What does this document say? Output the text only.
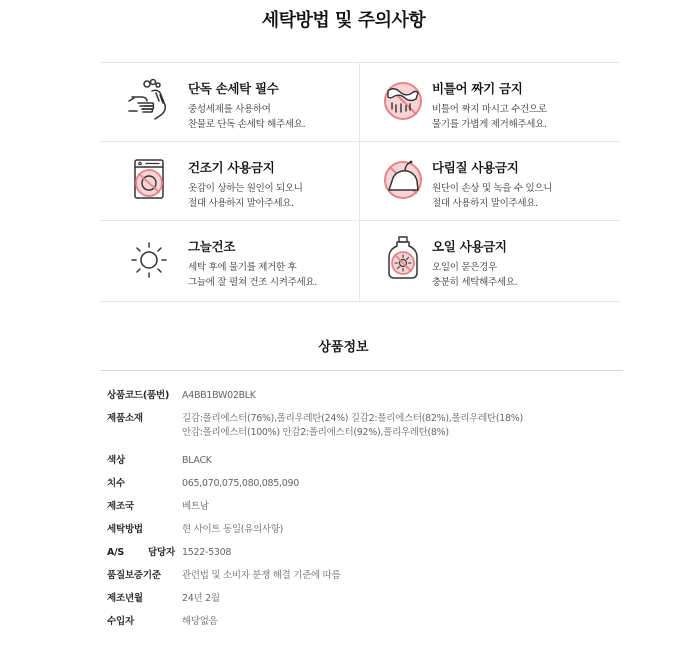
세탁방법 및 주의사항
단독 손세탁 필수
중성세제를 사용하여
찬물로 단독 손세탁 해주세요.
비틀어 짜기 금지
비틀어 짜지 마시고 수건으로
물기를 가볍게 제거해주세요.
건조기 사용금지
옷감이 상하는 원인이 되오니
절대 사용하지 말아주세요.
다림질 사용금지
원단이 손상 및 녹을 수 있으니
절대 사용하지 말이주세요.
그늘건조
세탁 후에 물기를 제거한 후
그늘에 잘 펼쳐 건조 시켜주세요.
오일 사용금지
오일이 묻은경우
충분히 세탁해주세요.
상품정보
상품코드(품번)	A4BB1BW02BLK
제품소재	길감:폴리에스터(76%),폴리우레탄(24%) 길감2:폴리에스터(82%),폴리우레탄(18%)
안감:폴리에스터(100%) 안감2:폴리에스터(92%),폴리우레탄(8%)
색상	BLACK
치수	065,070,075,080,085,090
제조국	베트남
세탁방법	현 사이트 동일(유의사항)
A/S 담당자 1522-5308
품질보증기준	관련법 및 소비자 분쟁 해결 기준에 따름
제조년월	24년 2월
수입자	해당없음
